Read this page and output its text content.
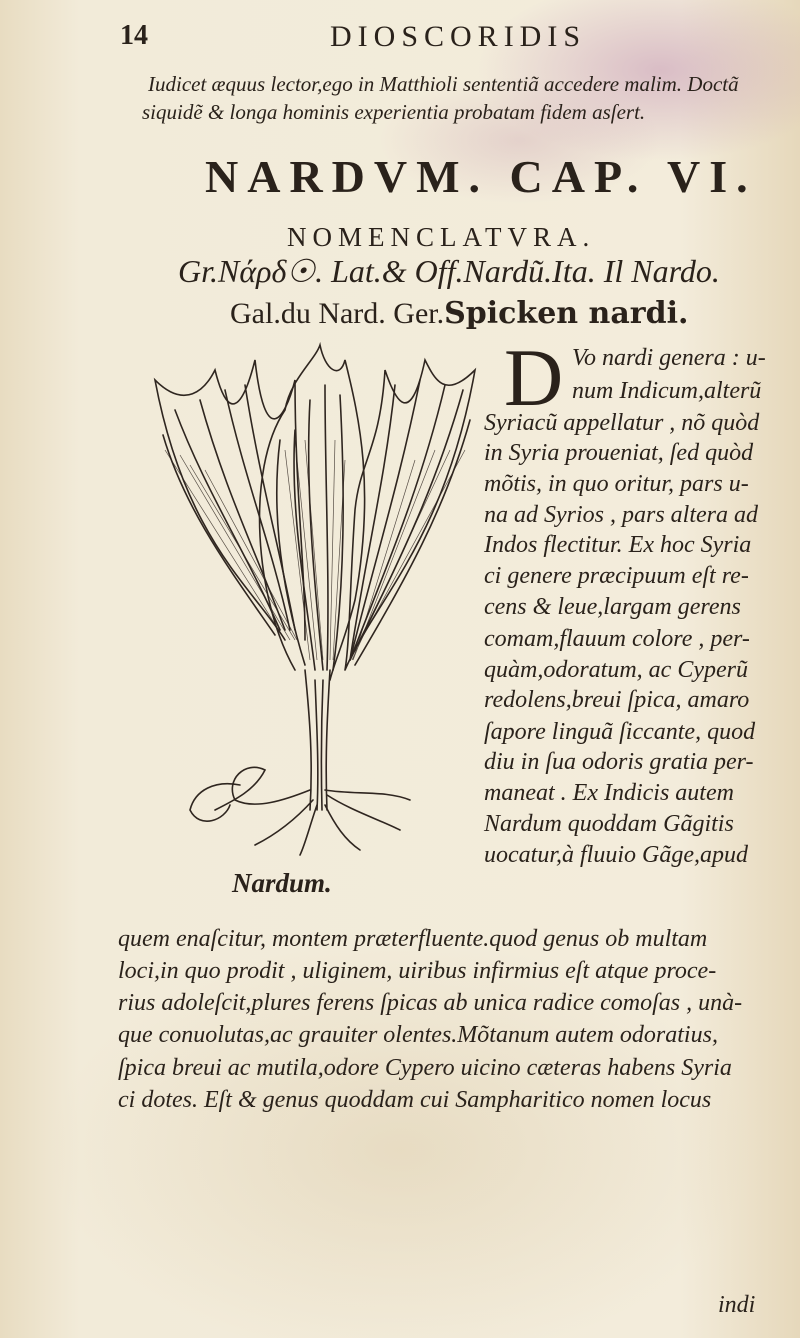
14	DIOSCORIDIS
Iudicet æquus lector,ego in Matthioli sententiã accedere malim. Doctã
siquidẽ & longa hominis experientia probatam fidem asſert.
NARDVM. CAP. VI.
NOMENCLATVRA.
Gr.Νάρδ☉. Lat.& Off.Nardũ.Ita. Il Nardo.
Gal.du Nard. Ger.Spicken nardi.
Nardum.
D Vo nardi genera : u-
num Indicum,alterũ
Syriacũ appellatur , nõ quòd
in Syria proueniat, ſed quòd
mõtis, in quo oritur, pars u-
na ad Syrios , pars altera ad
Indos flectitur. Ex hoc Syria
ci genere præcipuum eſt re-
cens & leue,largam gerens
comam,flauum colore , per-
quàm,odoratum, ac Cyperũ
redolens,breui ſpica, amaro
ſapore linguã ſiccante, quod
diu in ſua odoris gratia per-
maneat . Ex Indicis autem
Nardum quoddam Gãgitis
uocatur,à fluuio Gãge,apud
quem enaſcitur, montem præterfluente.quod genus ob multam
loci,in quo prodit , uliginem, uiribus infirmius eſt atque proce-
rius adoleſcit,plures ferens ſpicas ab unica radice comoſas , unà-
que conuolutas,ac grauiter olentes.Mõtanum autem odoratius,
ſpica breui ac mutila,odore Cypero uicino cæteras habens Syria
ci dotes. Eſt & genus quoddam cui Sampharitico nomen locus
indi
